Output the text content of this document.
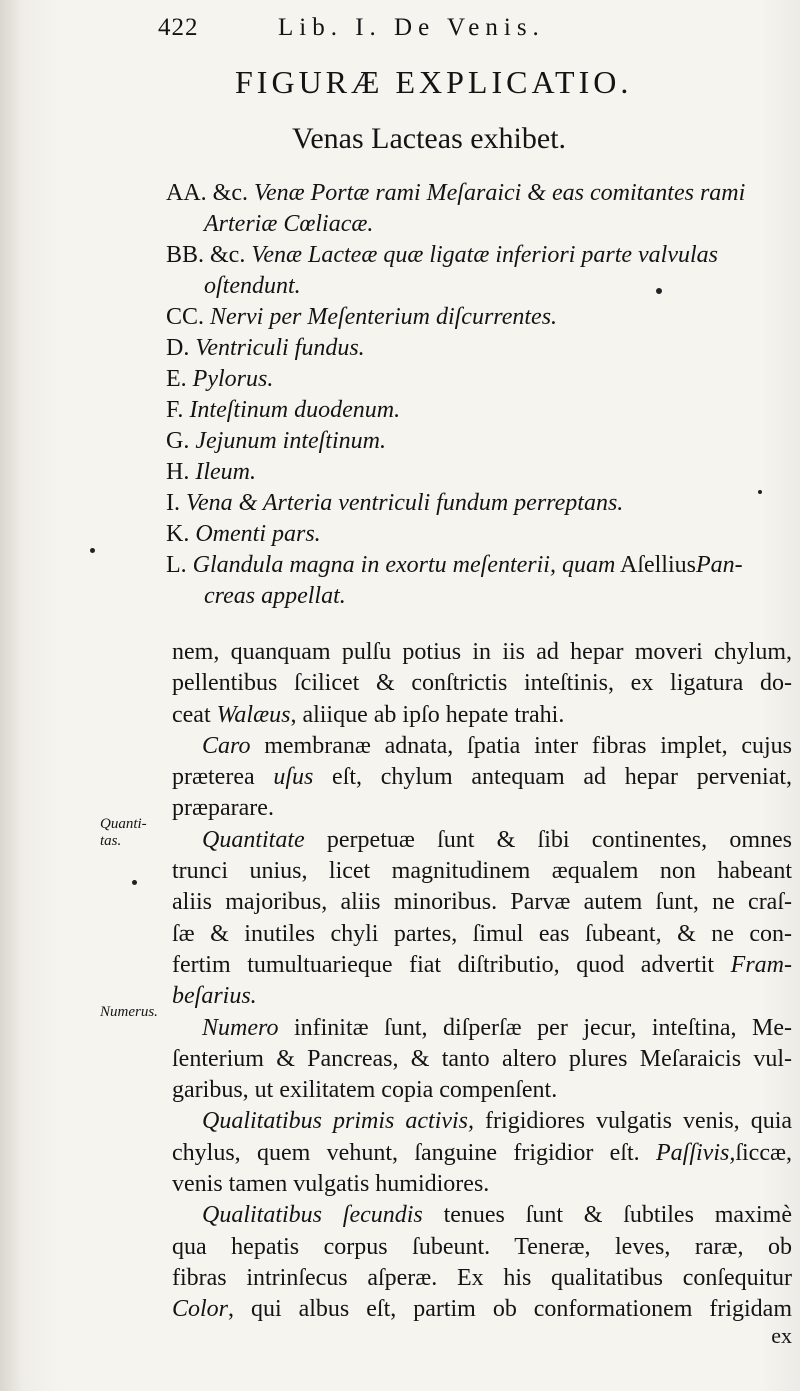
422	Lib. I. De Venis.
FIGURÆ EXPLICATIO.
Venas Lacteas exhibet.
AA. &c. Venæ Portæ rami Meſaraici & eas comitantes rami
Arteriæ Cœliacæ.
BB. &c. Venæ Lacteæ quæ ligatæ inferiori parte valvulas
oſtendunt.
CC. Nervi per Meſenterium diſcurrentes.
D. Ventriculi fundus.
E. Pylorus.
F. Inteſtinum duodenum.
G. Jejunum inteſtinum.
H. Ileum.
I. Vena & Arteria ventriculi fundum perreptans.
K. Omenti pars.
L. Glandula magna in exortu meſenterii, quam AſelliusPan-
creas appellat.
nem, quanquam pulſu potius in iis ad hepar moveri chylum,
pellentibus ſcilicet & conſtrictis inteſtinis, ex ligatura do-
ceat Walæus, aliique ab ipſo hepate trahi.
Caro membranæ adnata, ſpatia inter fibras implet, cujus
præterea uſus eſt, chylum antequam ad hepar perveniat,
præparare.
Quantitate perpetuæ ſunt & ſibi continentes, omnes
trunci unius, licet magnitudinem æqualem non habeant
aliis majoribus, aliis minoribus. Parvæ autem ſunt, ne craſ-
ſæ & inutiles chyli partes, ſimul eas ſubeant, & ne con-
fertim tumultuarieque fiat diſtributio, quod advertit Fram-
beſarius.
Numero infinitæ ſunt, diſperſæ per jecur, inteſtina, Me-
ſenterium & Pancreas, & tanto altero plures Meſaraicis vul-
garibus, ut exilitatem copia compenſent.
Qualitatibus primis activis, frigidiores vulgatis venis, quia
chylus, quem vehunt, ſanguine frigidior eſt. Paſſivis,ſiccæ,
venis tamen vulgatis humidiores.
Qualitatibus ſecundis tenues ſunt & ſubtiles maximè
qua hepatis corpus ſubeunt. Teneræ, leves, raræ, ob
fibras intrinſecus aſperæ. Ex his qualitatibus conſequitur
Color, qui albus eſt, partim ob conformationem frigidam
Quanti-
tas.
Numerus.
ex
